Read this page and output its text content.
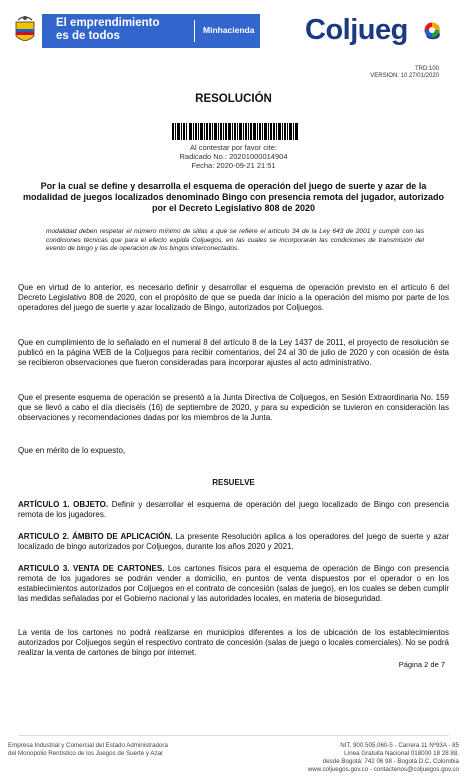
El emprendimiento
es de todos	Minhacienda Coljueg
TRD:100
VERSION: 10 27/01/2020
RESOLUCIÓN
Al contestar por favor cite:
Radicado No.: 20201000014904
Fecha: 2020-09-21 21:51
Por la cual se define y desarrolla el esquema de operación del juego de suerte y azar de la modalidad de juegos localizados denominado Bingo con presencia remota del jugador, autorizado por el Decreto Legislativo 808 de 2020
modalidad deben respetar el número mínimo de sillas a que se refiere el artículo 34 de la Ley 643 de 2001 y cumplir con las condiciones técnicas que para el efecto expida Coljuegos, en las cuales se incorporarán las condiciones de transmisión del evento de bingo y las de operación de los bingos interconectados.
Que en virtud de lo anterior, es necesario definir y desarrollar el esquema de operación previsto en el artículo 6 del Decreto Legislativo 808 de 2020, con el propósito de que se pueda dar inicio a la operación del mismo por parte de los operadores del juego de suerte y azar localizado de Bingo, autorizados por Coljuegos.
Que en cumplimiento de lo señalado en el numeral 8 del artículo 8 de la Ley 1437 de 2011, el proyecto de resolución se publicó en la página WEB de la Coljuegos para recibir comentarios, del 24 al 30 de julio de 2020 y con ocasión de ésta se recibieron observaciones que fueron consideradas para incorporar ajustes al acto administrativo.
Que el presente esquema de operación se presentó a la Junta Directiva de Coljuegos, en Sesión Extraordinaria No. 159 que se llevó a cabo el día dieciséis (16) de septiembre de 2020, y para su expedición se tuvieron en consideración las observaciones y recomendaciones dadas por los miembros de la Junta.
Que en mérito de lo expuesto,
RESUELVE
ARTÍCULO 1. OBJETO. Definir y desarrollar el esquema de operación del juego localizado de Bingo con presencia remota de los jugadores.
ARTICULO 2. ÁMBITO DE APLICACIÓN. La presente Resolución aplica a los operadores del juego de suerte y azar localizado de bingo autorizados por Coljuegos, durante los años 2020 y 2021.
ARTICULO 3. VENTA DE CARTONES. Los cartones físicos para el esquema de operación de Bingo con presencia remota de los jugadores se podrán vender a domicilio, en puntos de venta dispuestos por el operador o en los establecimientos autorizados por Coljuegos en el contrato de concesión (salas de juego), en los cuales se deben cumplir las medidas señaladas por el Gobierno nacional y las autoridades locales, en materia de bioseguridad.
La venta de los cartones no podrá realizarse en municipios diferentes a los de ubicación de los establecimientos autorizados por Coljuegos según el respectivo contrato de concesión (salas de juego o locales comerciales). No se podrá realizar la venta de cartones de bingo por internet.
Página 2 de 7
Empresa Industrial y Comercial del Estado Administradora
del Monopolio Rentístico de los Juegos de Suerte y Azar
NIT. 900.505.060-5 - Carrera 11 Nº93A - 85
Línea Gratuita Nacional 018000 18 28 88,
desde Bogotá: 742 06 98 - Bogotá D.C. Colombia
www.coljuegos.gov.co - contactenos@coljuegos.gov.co
